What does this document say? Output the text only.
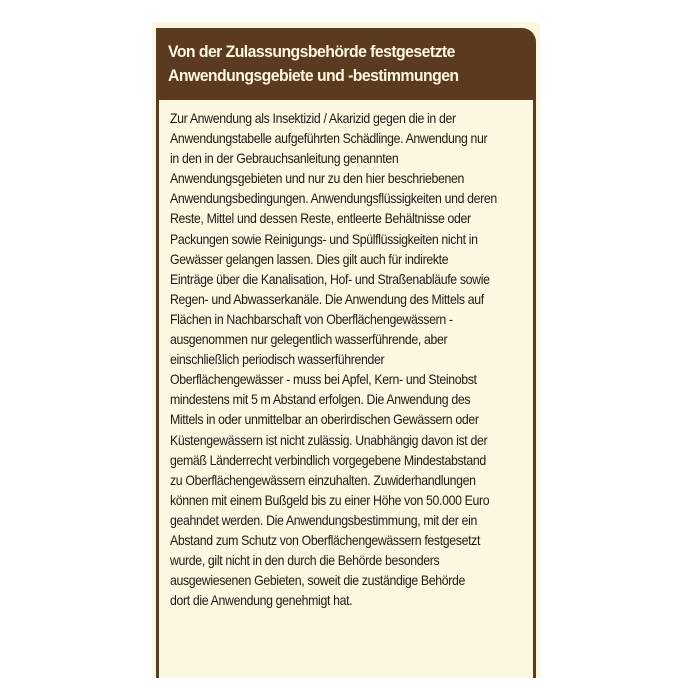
Von der Zulassungsbehörde festgesetzte
Anwendungsgebiete und -bestimmungen

Zur Anwendung als Insektizid / Akarizid gegen die in der
Anwendungstabelle aufgeführten Schädlinge. Anwendung nur
in den in der Gebrauchsanleitung genannten
Anwendungsgebieten und nur zu den hier beschriebenen
Anwendungsbedingungen. Anwendungsflüssigkeiten und deren
Reste, Mittel und dessen Reste, entleerte Behältnisse oder
Packungen sowie Reinigungs- und Spülflüssigkeiten nicht in
Gewässer gelangen lassen. Dies gilt auch für indirekte
Einträge über die Kanalisation, Hof- und Straßenabläufe sowie
Regen- und Abwasserkanäle. Die Anwendung des Mittels auf
Flächen in Nachbarschaft von Oberflächengewässern -
ausgenommen nur gelegentlich wasserführende, aber
einschließlich periodisch wasserführender
Oberflächengewässer - muss bei Apfel, Kern- und Steinobst
mindestens mit 5 m Abstand erfolgen. Die Anwendung des
Mittels in oder unmittelbar an oberirdischen Gewässern oder
Küstengewässern ist nicht zulässig. Unabhängig davon ist der
gemäß Länderrecht verbindlich vorgegebene Mindestabstand
zu Oberflächengewässern einzuhalten. Zuwiderhandlungen
können mit einem Bußgeld bis zu einer Höhe von 50.000 Euro
geahndet werden. Die Anwendungsbestimmung, mit der ein
Abstand zum Schutz von Oberflächengewässern festgesetzt
wurde, gilt nicht in den durch die Behörde besonders
ausgewiesenen Gebieten, soweit die zuständige Behörde
dort die Anwendung genehmigt hat.
